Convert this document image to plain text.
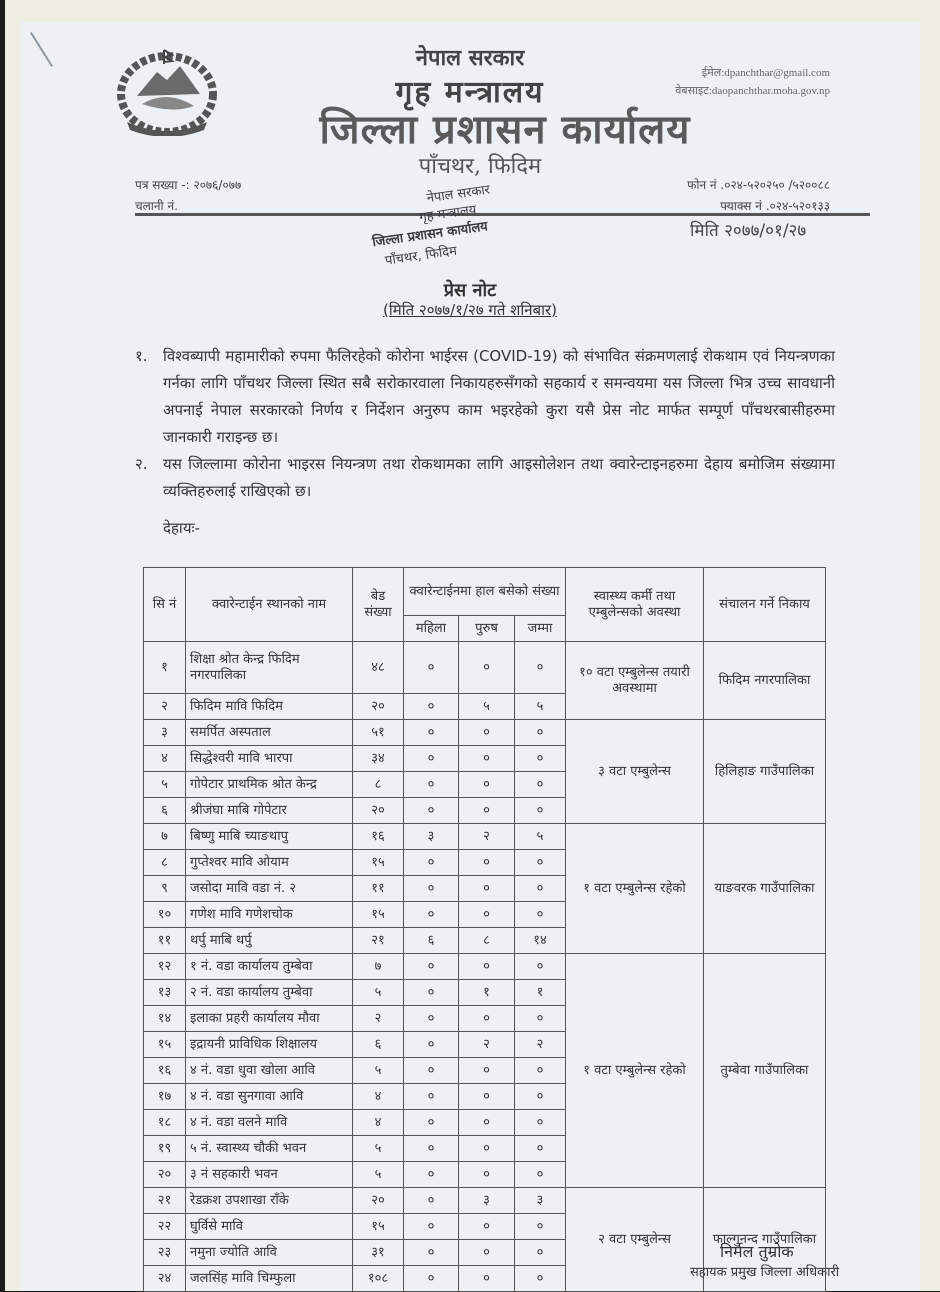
नेपाल सरकार
गृह मन्त्रालय
जिल्ला प्रशासन कार्यालय
पाँचथर, फिदिम
ईमेल:dpanchthar@gmail.com
वेबसाइट:daopanchthar.moha.gov.np
पत्र सख्या -: २०७६/०७७
चलानी नं.
फोन नं .०२४-५२०२५० /५२००८८
फ्याक्स नं .०२४-५२०१३३
नेपाल सरकार
गृह मन्त्रालय
जिल्ला प्रशासन कार्यालय
पाँचथर, फिदिम
मिति २०७७/०१/२७
प्रेस नोट
(मिति २०७७/१/२७ गते शनिबार)
१. विश्वब्यापी महामारीको रुपमा फैलिरहेको कोरोना भाईरस (COVID-19) को संभावित संक्रमणलाई रोकथाम एवं नियन्त्रणका गर्नका लागि पाँचथर जिल्ला स्थित सबै सरोकारवाला निकायहरुसँगको सहकार्य र समन्वयमा यस जिल्ला भित्र उच्च सावधानी अपनाई नेपाल सरकारको निर्णय र निर्देशन अनुरुप काम भइरहेको कुरा यसै प्रेस नोट मार्फत सम्पूर्ण पाँचथरबासीहरुमा जानकारी गराइन्छ छ।
२. यस जिल्लामा कोरोना भाइरस नियन्त्रण तथा रोकथामका लागि आइसोलेशन तथा क्वारेन्टाइनहरुमा देहाय बमोजिम संख्यामा व्यक्तिहरुलाई राखिएको छ।
देहायः-
सि नं	क्वारेन्टाईन स्थानको नाम	बेड संख्या	क्वारेन्टाईनमा हाल बसेको संख्या			स्वास्थ्य कर्मी तथा एम्बुलेन्सको अवस्था	संचालन गर्ने निकाय
			महिला	पुरुष	जम्मा		
१	शिक्षा श्रोत केन्द्र फिदिम नगरपालिका	४८	०	०	०	१० वटा एम्बुलेन्स तयारी अवस्थामा	फिदिम नगरपालिका
२	फिदिम मावि फिदिम	२०	०	५	५		
३	समर्पित अस्पताल	५१	०	०	०	३ वटा एम्बुलेन्स	हिलिहाङ गाउँपालिका
४	सिद्धेश्वरी मावि भारपा	३४	०	०	०		
५	गोपेटार प्राथमिक श्रोत केन्द्र	८	०	०	०		
६	श्रीजंघा माबि गोपेटार	२०	०	०	०		
७	बिष्णु माबि च्याङथापु	१६	३	२	५	१ वटा एम्बुलेन्स रहेको	याङवरक गाउँपालिका
८	गुप्तेश्वर मावि ओयाम	१५	०	०	०		
९	जसोदा मावि वडा नं. २	११	०	०	०		
१०	गणेश मावि गणेशचोक	१५	०	०	०		
११	थर्पु माबि थर्पु	२१	६	८	१४		
१२	१ नं. वडा कार्यालय तुम्बेवा	७	०	०	०	१ वटा एम्बुलेन्स रहेको	तुम्बेवा गाउँपालिका
१३	२ नं. वडा कार्यालय तुम्बेवा	५	०	१	१		
१४	इलाका प्रहरी कार्यालय मौवा	२	०	०	०		
१५	इद्रायनी प्राविधिक शिक्षालय	६	०	२	२		
१६	४ नं. वडा धुवा खोला आवि	५	०	०	०		
१७	४ नं. वडा सुनगावा आवि	४	०	०	०		
१८	४ नं. वडा वलने मावि	४	०	०	०		
१९	५ नं. स्वास्थ्य चौकी भवन	५	०	०	०		
२०	३ नं सहकारी भवन	५	०	०	०		
२१	रेडक्रश उपशाखा राँके	२०	०	३	३	२ वटा एम्बुलेन्स	फाल्गुनन्द गाउँपालिका
२२	घुर्विसे मावि	१५	०	०	०		
२३	नमुना ज्योति आवि	३१	०	०	०		
२४	जलसिंह मावि चिम्फुला	१०८	०	०	०		
निर्मल तुम्रोक
सहायक प्रमुख जिल्ला अधिकारी
